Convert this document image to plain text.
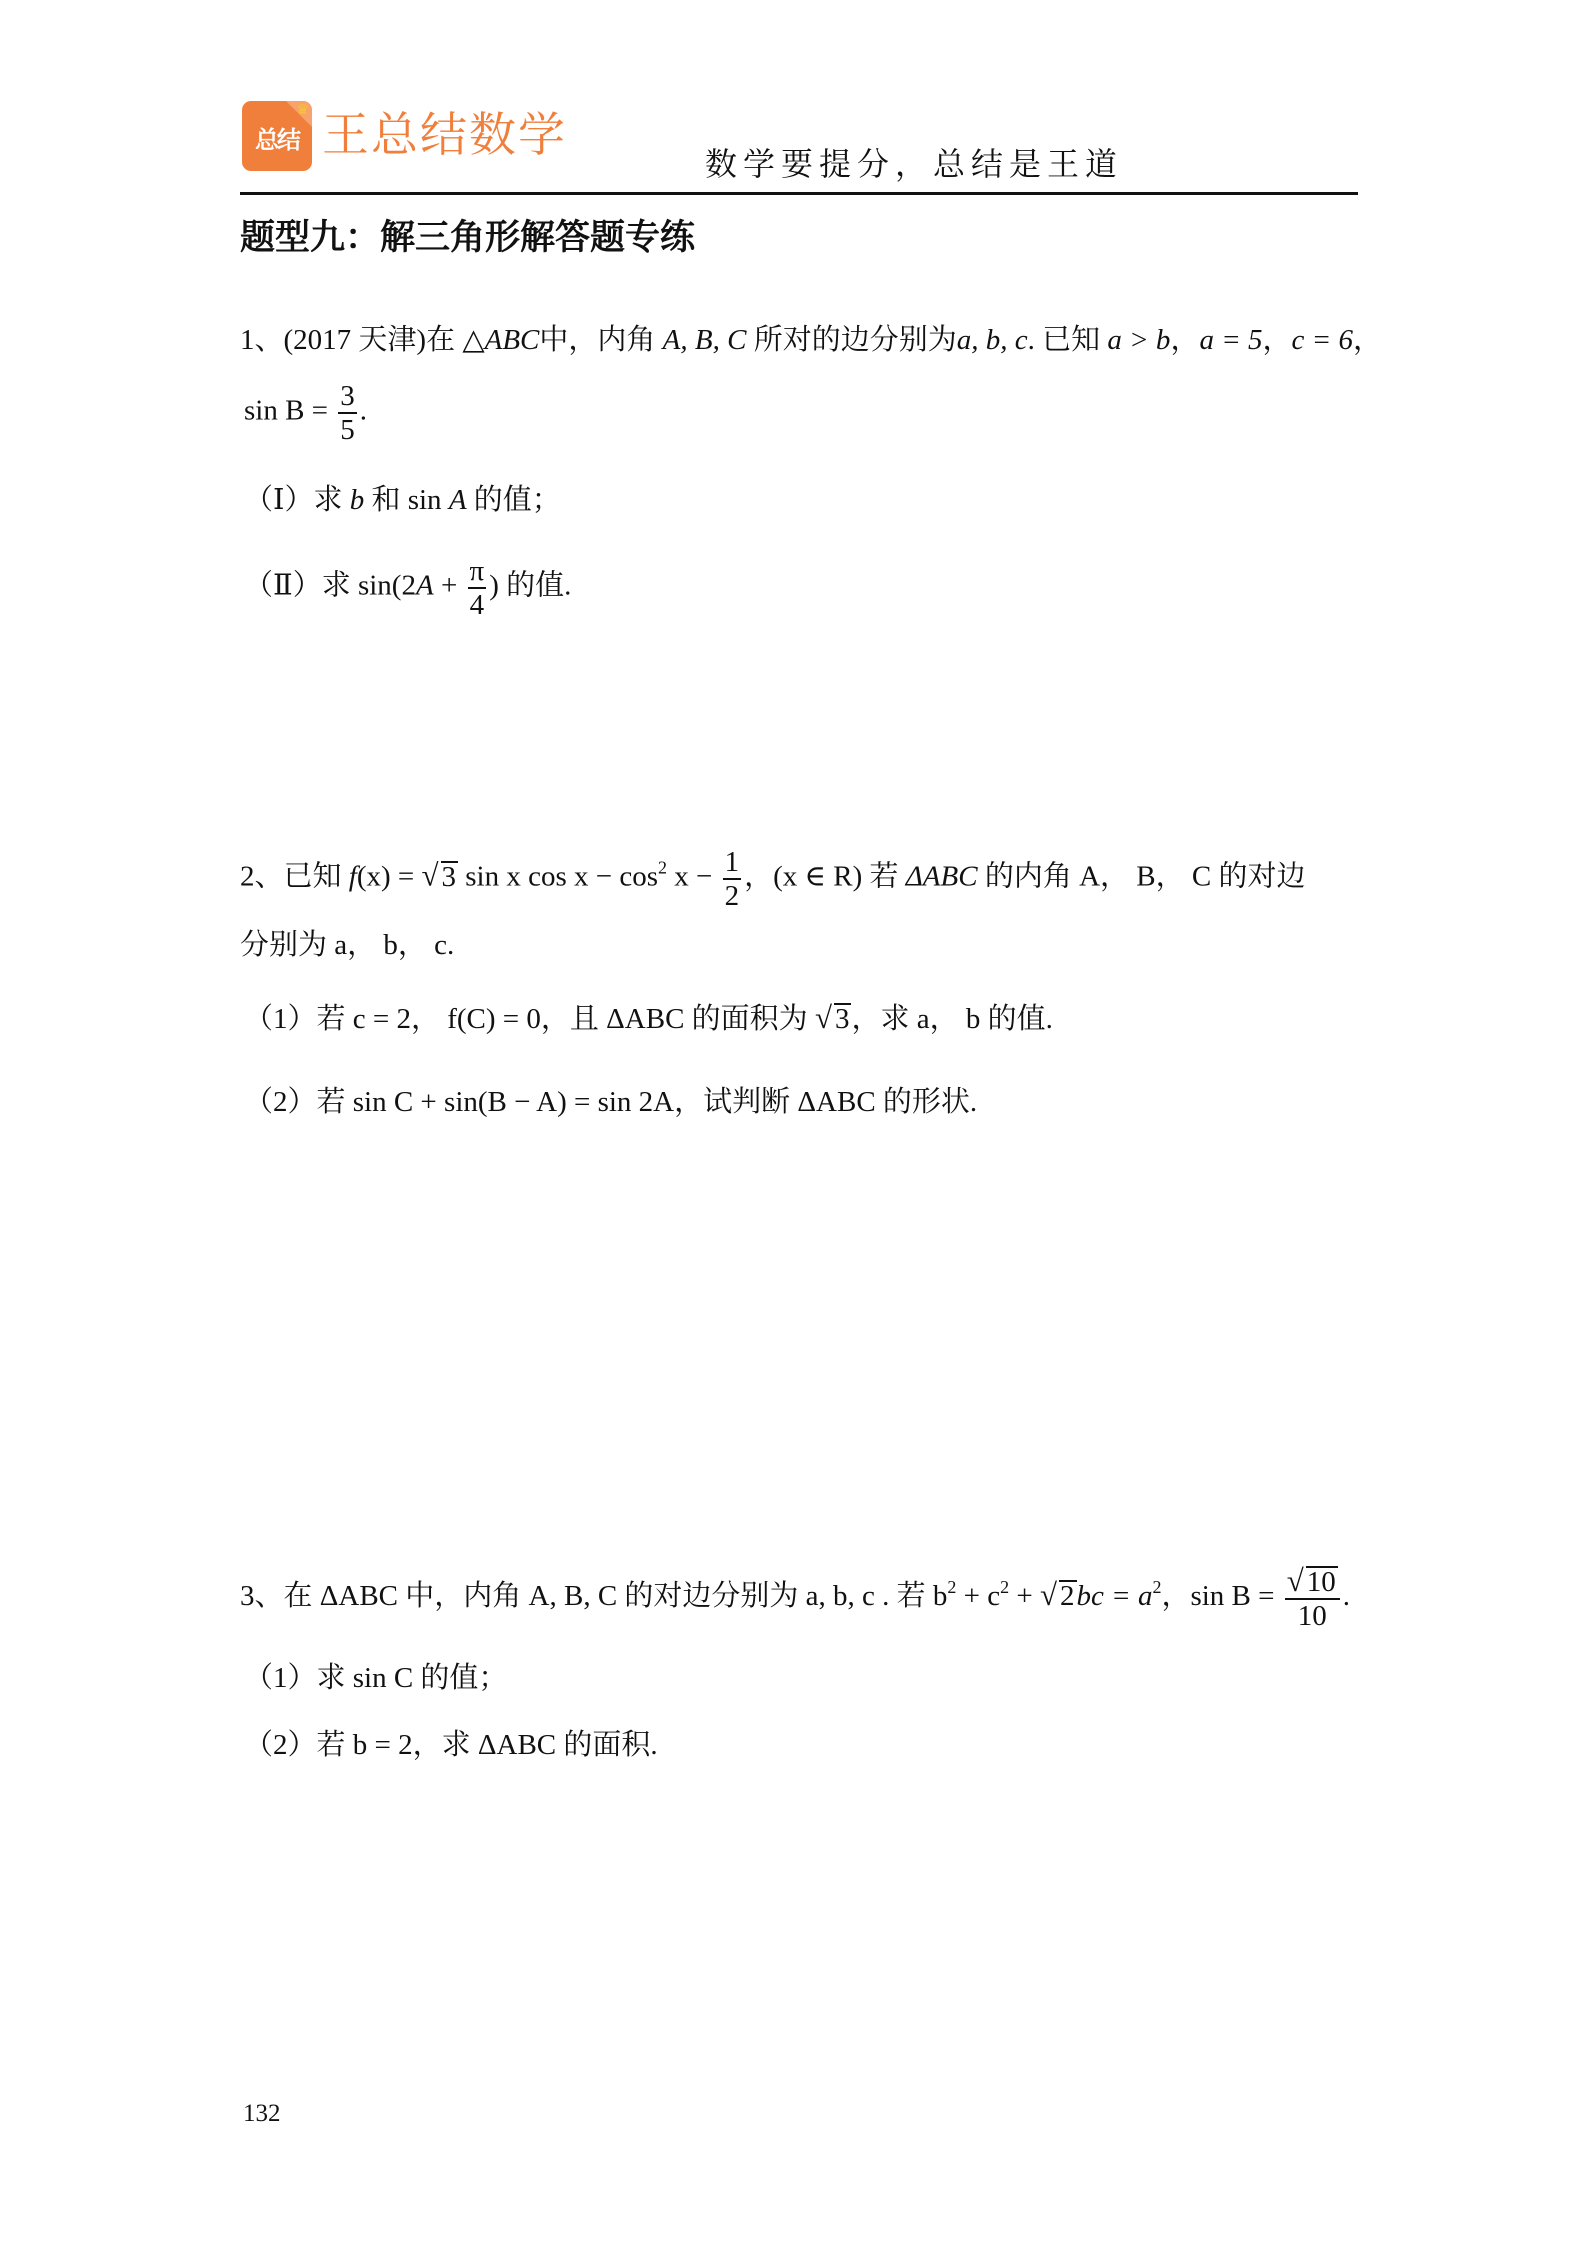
♛
总结 王总结数学
数学要提分，总结是王道
题型九：解三角形解答题专练
1、(2017 天津)在 △ABC中，内角 A, B, C 所对的边分别为a, b, c. 已知 a > b，a = 5，c = 6，
$\sin B = \frac{3}{5}$ .
（Ⅰ）求 b 和 sin A 的值；
（Ⅱ）求 $\sin(2A + \frac{\pi}{4}$ ) 的值.
2、已知 f(x) = √ 3 sin x $\cos x - \cos^2 x - \frac{1}{2}$ ，(x ∈ R) 若 ΔABC 的内角 A， B， C 的对边
分别为 a， b， c.
（1）若 c = 2， f(C) = 0，且 ΔABC 的面积为 √ 3，求 a， b 的值.
（2）若 sin C + sin(B − A) = sin 2A，试判断 ΔABC 的形状.
3、在 ΔABC 中，内角 A, B, C 的对边分别为 a, b, c . 若 $b^2 + c^2$ + √ $2bc = a^2$，$\sin B = \frac{√ 10}{10}$ .
（1）求 sin C 的值；
（2）若 b = 2，求 ΔABC 的面积.
132
